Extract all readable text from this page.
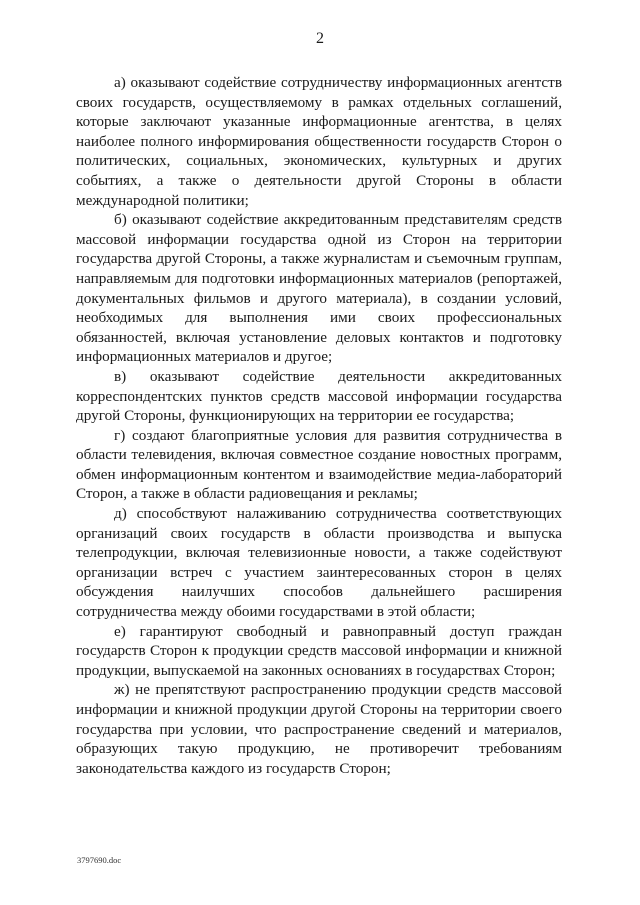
2

а) оказывают содействие сотрудничеству информационных агентств своих государств, осуществляемому в рамках отдельных соглашений, которые заключают указанные информационные агентства, в целях наиболее полного информирования общественности государств Сторон о политических, социальных, экономических, культурных и других событиях, а также о деятельности другой Стороны в области международной политики;

б) оказывают содействие аккредитованным представителям средств массовой информации государства одной из Сторон на территории государства другой Стороны, а также журналистам и съемочным группам, направляемым для подготовки информационных материалов (репортажей, документальных фильмов и другого материала), в создании условий, необходимых для выполнения ими своих профессиональных обязанностей, включая установление деловых контактов и подготовку информационных материалов и другое;

в) оказывают содействие деятельности аккредитованных корреспондентских пунктов средств массовой информации государства другой Стороны, функционирующих на территории ее государства;

г) создают благоприятные условия для развития сотрудничества в области телевидения, включая совместное создание новостных программ, обмен информационным контентом и взаимодействие медиа-лабораторий Сторон, а также в области радиовещания и рекламы;

д) способствуют налаживанию сотрудничества соответствующих организаций своих государств в области производства и выпуска телепродукции, включая телевизионные новости, а также содействуют организации встреч с участием заинтересованных сторон в целях обсуждения наилучших способов дальнейшего расширения сотрудничества между обоими государствами в этой области;

е) гарантируют свободный и равноправный доступ граждан государств Сторон к продукции средств массовой информации и книжной продукции, выпускаемой на законных основаниях в государствах Сторон;

ж) не препятствуют распространению продукции средств массовой информации и книжной продукции другой Стороны на территории своего государства при условии, что распространение сведений и материалов, образующих такую продукцию, не противоречит требованиям законодательства каждого из государств Сторон;

3797690.doc
